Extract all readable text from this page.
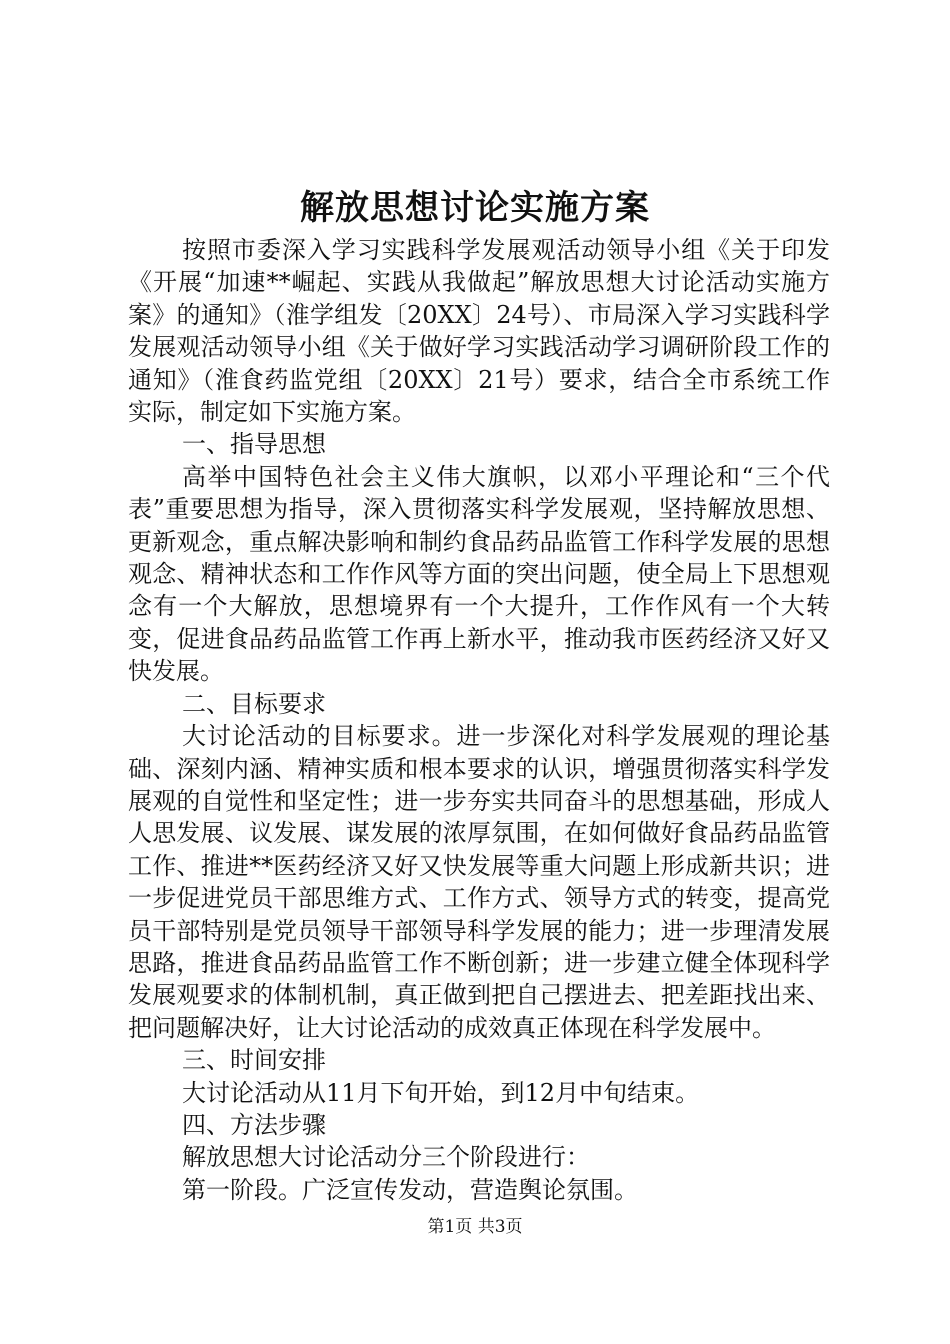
解放思想讨论实施方案

按照市委深入学习实践科学发展观活动领导小组《关于印发《开展“加速**崛起、实践从我做起”解放思想大讨论活动实施方案》的通知》（淮学组发〔20XX〕24号）、市局深入学习实践科学发展观活动领导小组《关于做好学习实践活动学习调研阶段工作的通知》（淮食药监党组〔20XX〕21号）要求，结合全市系统工作实际，制定如下实施方案。

一、指导思想

高举中国特色社会主义伟大旗帜，以邓小平理论和“三个代表”重要思想为指导，深入贯彻落实科学发展观，坚持解放思想、更新观念，重点解决影响和制约食品药品监管工作科学发展的思想观念、精神状态和工作作风等方面的突出问题，使全局上下思想观念有一个大解放，思想境界有一个大提升，工作作风有一个大转变，促进食品药品监管工作再上新水平，推动我市医药经济又好又快发展。

二、目标要求

大讨论活动的目标要求。进一步深化对科学发展观的理论基础、深刻内涵、精神实质和根本要求的认识，增强贯彻落实科学发展观的自觉性和坚定性；进一步夯实共同奋斗的思想基础，形成人人思发展、议发展、谋发展的浓厚氛围，在如何做好食品药品监管工作、推进**医药经济又好又快发展等重大问题上形成新共识；进一步促进党员干部思维方式、工作方式、领导方式的转变，提高党员干部特别是党员领导干部领导科学发展的能力；进一步理清发展思路，推进食品药品监管工作不断创新；进一步建立健全体现科学发展观要求的体制机制，真正做到把自己摆进去、把差距找出来、把问题解决好，让大讨论活动的成效真正体现在科学发展中。

三、时间安排

大讨论活动从11月下旬开始，到12月中旬结束。

四、方法步骤

解放思想大讨论活动分三个阶段进行：

第一阶段。广泛宣传发动，营造舆论氛围。

第1页 共3页
